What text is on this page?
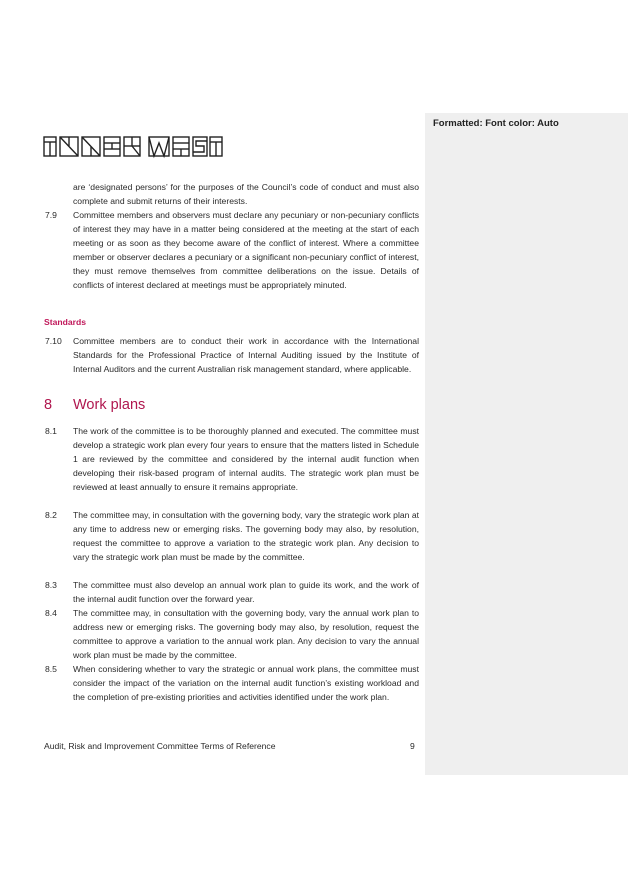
Formatted: Font color: Auto
are ‘designated persons’ for the purposes of the Council’s code of conduct and must also complete and submit returns of their interests.
7.9	Committee members and observers must declare any pecuniary or non-pecuniary conflicts of interest they may have in a matter being considered at the meeting at the start of each meeting or as soon as they become aware of the conflict of interest. Where a committee member or observer declares a pecuniary or a significant non-pecuniary conflict of interest, they must remove themselves from committee deliberations on the issue. Details of conflicts of interest declared at meetings must be appropriately minuted.
Standards
7.10	Committee members are to conduct their work in accordance with the International Standards for the Professional Practice of Internal Auditing issued by the Institute of Internal Auditors and the current Australian risk management standard, where applicable.
8 Work plans
8.1	The work of the committee is to be thoroughly planned and executed. The committee must develop a strategic work plan every four years to ensure that the matters listed in Schedule 1 are reviewed by the committee and considered by the internal audit function when developing their risk-based program of internal audits. The strategic work plan must be reviewed at least annually to ensure it remains appropriate.
8.2	The committee may, in consultation with the governing body, vary the strategic work plan at any time to address new or emerging risks. The governing body may also, by resolution, request the committee to approve a variation to the strategic work plan. Any decision to vary the strategic work plan must be made by the committee.
8.3	The committee must also develop an annual work plan to guide its work, and the work of the internal audit function over the forward year.
8.4	The committee may, in consultation with the governing body, vary the annual work plan to address new or emerging risks. The governing body may also, by resolution, request the committee to approve a variation to the annual work plan. Any decision to vary the annual work plan must be made by the committee.
8.5	When considering whether to vary the strategic or annual work plans, the committee must consider the impact of the variation on the internal audit function’s existing workload and the completion of pre-existing priorities and activities identified under the work plan.
Audit, Risk and Improvement Committee Terms of Reference	9
